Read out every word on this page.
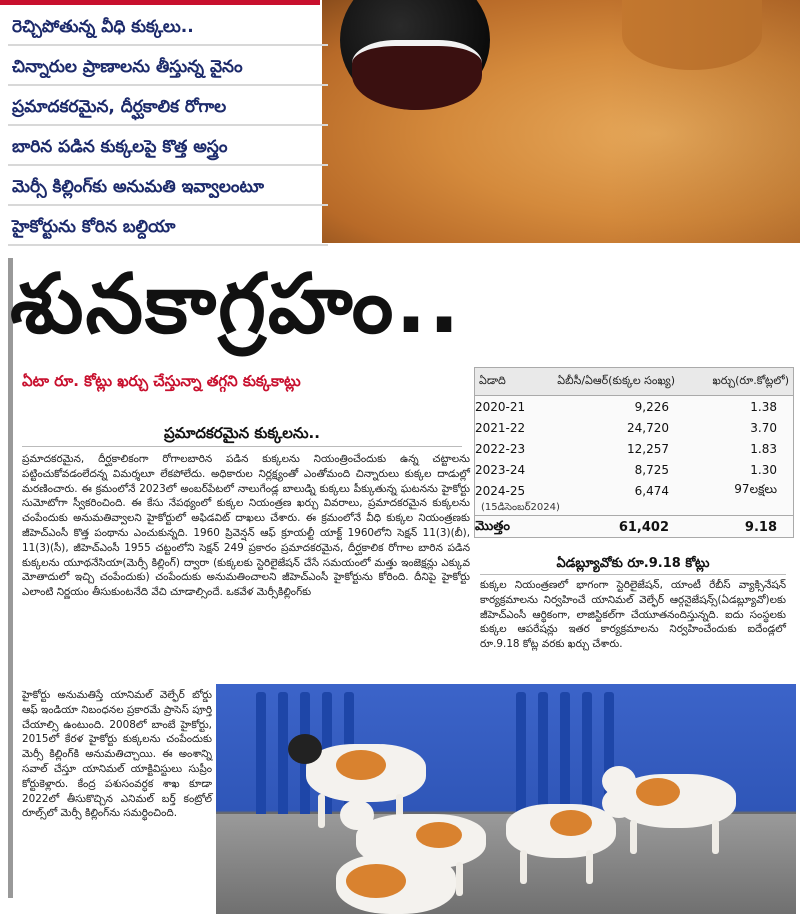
రెచ్చిపోతున్న వీధి కుక్కలు..
చిన్నారుల ప్రాణాలను తీస్తున్న వైనం
ప్రమాదకరమైన, దీర్ఘకాలిక రోగాల
బారిన పడిన కుక్కలపై కొత్త అస్త్రం
మెర్సీ కిల్లింగ్‌కు అనుమతి ఇవ్వాలంటూ
హైకోర్టును కోరిన బల్దియా
శునకాగ్రహం..
ఏటా రూ. కోట్లు ఖర్చు చేస్తున్నా తగ్గని కుక్కకాట్లు	ఏడాది	ఏబీసీ/ఏఆర్(కుక్కల సంఖ్య)	ఖర్చు(రూ.కోట్లలో)
2020-21	9,226	1.38
2021-22	24,720	3.70
2022-23	12,257	1.83
2023-24	8,725	1.30
2024-25	6,474	97లక్షలు
(15డిసెంబర్2024)
మొత్తం	61,402	9.18
ప్రమాదకరమైన కుక్కలను..
ప్రమాదకరమైన, దీర్ఘకాలికంగా రోగాలబారిన పడిన కుక్కలను నియంత్రించేందుకు ఉన్న చట్టాలను పట్టించుకోవడంలేదన్న విమర్శలూ లేకపోలేదు. అధికారుల నిర్లక్ష్యంతో ఎంతోమంది చిన్నారులు కుక్కల దాడుల్లో మరణించారు. ఈ క్రమంలోనే 2023లో అంబర్‌పేటలో నాలుగేండ్ల బాలుడ్ని కుక్కలు పీక్కుతున్న ఘటనను హైకోర్టు సుమోటోగా స్వీకరించింది. ఈ కేసు నేపథ్యంలో కుక్కల నియంత్రణ ఖర్చు వివరాలు, ప్రమాదకరమైన కుక్కలను చంపేందుకు అనుమతివ్వాలని హైకోర్టులో అఫిడవిట్ దాఖలు చేశారు. ఈ క్రమంలోనే వీధి కుక్కల నియంత్రణకు జీహెచ్ఎంసీ కొత్త పంథాను ఎంచుకున్నది. 1960 ప్రివెన్షన్ ఆఫ్ క్రూయల్టీ యాక్ట్ 1960లోని సెక్షన్ 11(3)(బీ), 11(3)(సీ), జీహెచ్ఎంసీ 1955 చట్టంలోని సెక్షన్ 249 ప్రకారం ప్రమాదకరమైన, దీర్ఘకాలిక రోగాల బారిన పడిన కుక్కలను యూథనేసియా(మెర్సీ కిల్లింగ్) ద్వారా (కుక్కలకు స్టెరిలైజేషన్ చేసే సమయంలో మత్తు ఇంజెక్షన్లు ఎక్కువ మోతాదులో ఇచ్చి చంపేందుకు) చంపేందుకు అనుమతించాలని జీహెచ్ఎంసీ హైకోర్టును కోరింది. దీనిపై హైకోర్టు ఎలాంటి నిర్ణయం తీసుకుంటనేది వేచి చూడాల్సిందే. ఒకవేళ మెర్సీకిల్లింగ్‌కు
హైకోర్టు అనుమతిస్తే యానిమల్ వెల్ఫేర్ బోర్డు ఆఫ్ ఇండియా నిబంధనల ప్రకారమే ప్రాసెస్ పూర్తి చేయాల్సి ఉంటుంది. 2008లో బాంబే హైకోర్టు, 2015లో కేరళ హైకోర్టు కుక్కలను చంపేందుకు మెర్సీ కిల్లింగ్‌కి అనుమతిచ్చాయి. ఈ అంశాన్ని సవాల్ చేస్తూ యానిమల్ యాక్టివిస్టులు సుప్రీం కోర్టుకెళ్లారు. కేంద్ర పశుసంవర్ధక శాఖ కూడా 2022లో తీసుకొచ్చిన ఎనిమల్ బర్త్ కంట్రోల్ రూల్స్‌లో మెర్సీ కిల్లింగ్‌ను సమర్థించింది.
ఏడబ్ల్యూవోకు రూ.9.18 కోట్లు
కుక్కల నియంత్రణలో భాగంగా స్టెరిలైజేషన్, యాంటీ రేబీస్ వ్యాక్సినేషన్ కార్యక్రమాలను నిర్వహించే యానిమల్ వెల్ఫేర్ ఆర్గనైజేషన్స్(ఏడబ్ల్యూవో)లకు జీహెచ్ఎంసీ ఆర్థికంగా, లాజిస్టికల్‌గా చేయూతనందిస్తున్నది. ఐదు సంస్థలకు కుక్కల ఆపరేషన్లు ఇతర కార్యక్రమాలను నిర్వహించేందుకు ఐదేండ్లలో రూ.9.18 కోట్ల వరకు ఖర్చు చేశారు.
